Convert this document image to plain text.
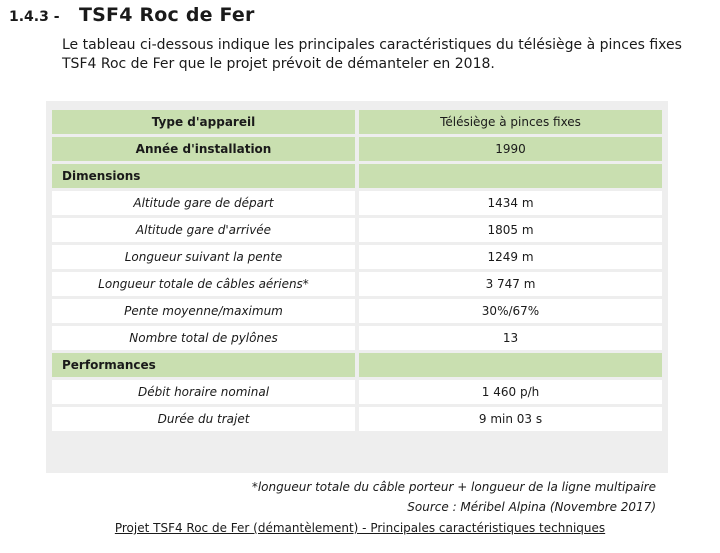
1.4.3 -	TSF4 Roc de Fer
Le tableau ci-dessous indique les principales caractéristiques du télésiège à pinces fixes TSF4 Roc de Fer que le projet prévoit de démanteler en 2018.
Type d'appareil		Télésiège à pinces fixes
Année d'installation		1990
Dimensions		
Altitude gare de départ		1434 m
Altitude gare d'arrivée		1805 m
Longueur suivant la pente		1249 m
Longueur totale de câbles aériens*		3 747 m
Pente moyenne/maximum		30%/67%
Nombre total de pylônes		13
Performances		
Débit horaire nominal		1 460 p/h
Durée du trajet		9 min 03 s
*longueur totale du câble porteur + longueur de la ligne multipaire
Source : Méribel Alpina (Novembre 2017)
Projet TSF4 Roc de Fer (démantèlement) - Principales caractéristiques techniques
